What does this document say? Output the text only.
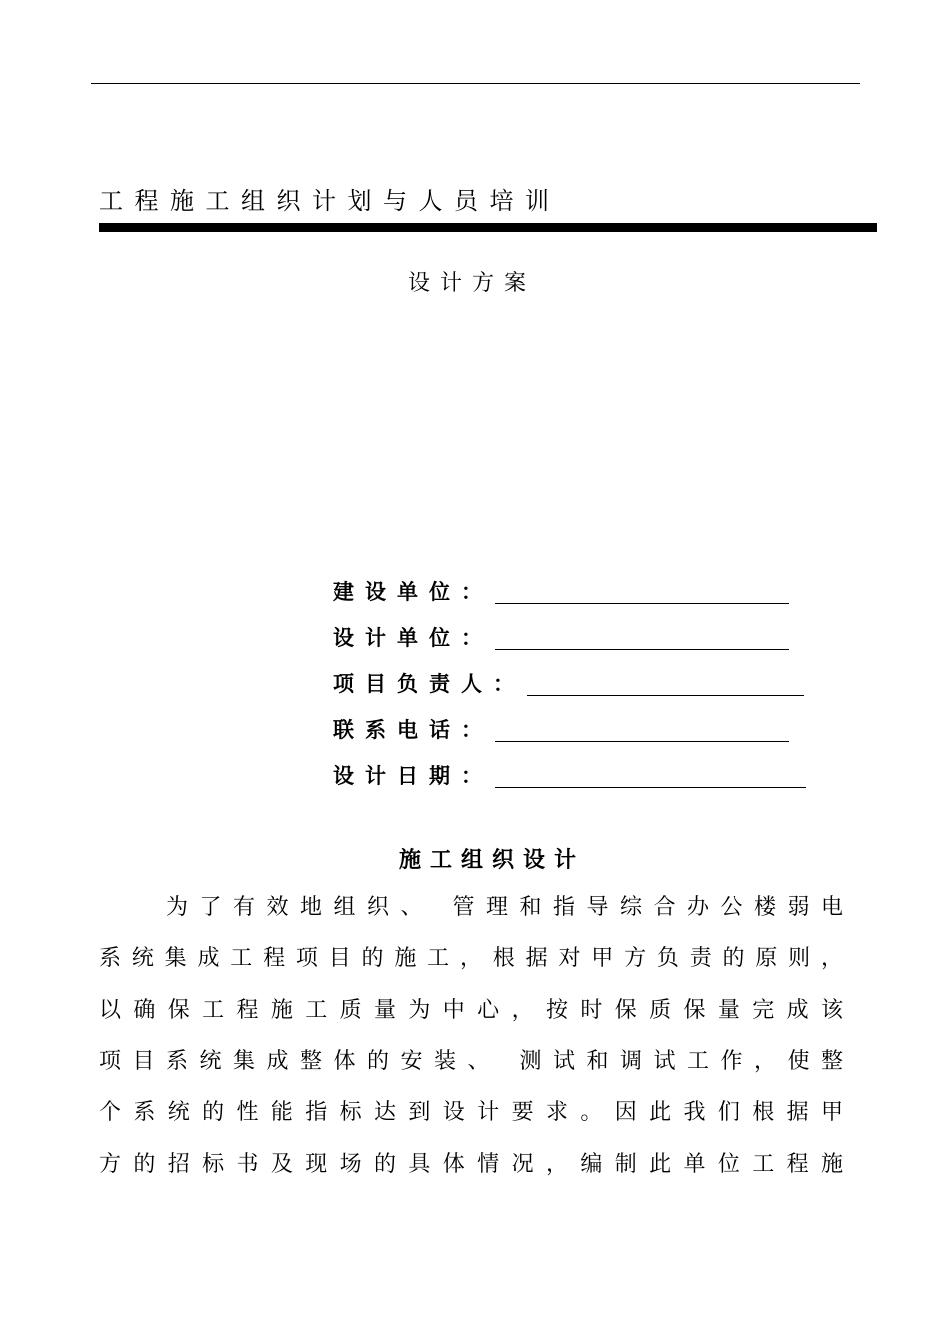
工程施工组织计划与人员培训
设计方案
建设单位：
设计单位：
项目负责人：
联系电话：
设计日期：
施工组织设计
　　为了有效地组织、 管理和指导综合办公楼弱电
系统集成工程项目的施工，根据对甲方负责的原则，
以确保工程施工质量为中心，按时保质保量完成该
项目系统集成整体的安装、 测试和调试工作，使整
个系统的性能指标达到设计要求。因此我们根据甲
方的招标书及现场的具体情况，编制此单位工程施
